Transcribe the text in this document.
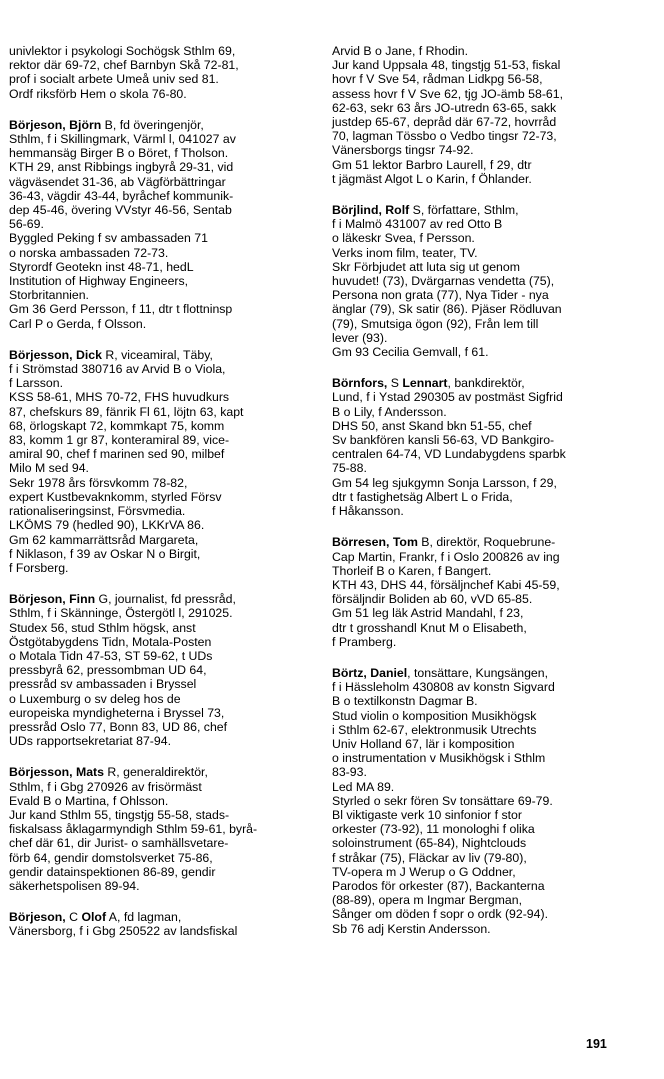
univlektor i psykologi Sochögsk Sthlm 69,
rektor där 69-72, chef Barnbyn Skå 72-81,
prof i socialt arbete Umeå univ sed 81.
Ordf riksförb Hem o skola 76-80.
Börjeson, Björn B, fd överingenjör,
Sthlm, f i Skillingmark, Värml l, 041027 av
hemmansäg Birger B o Böret, f Tholson.
KTH 29, anst Ribbings ingbyrå 29-31, vid
vägväsendet 31-36, ab Vägförbättringar
36-43, vägdir 43-44, byråchef kommunik-
dep 45-46, övering VVstyr 46-56, Sentab
56-69.
Byggled Peking f sv ambassaden 71
o norska ambassaden 72-73.
Styrordf Geotekn inst 48-71, hedL
Institution of Highway Engineers,
Storbritannien.
Gm 36 Gerd Persson, f 11, dtr t flottninsp
Carl P o Gerda, f Olsson.
Börjesson, Dick R, viceamiral, Täby,
f i Strömstad 380716 av Arvid B o Viola,
f Larsson.
KSS 58-61, MHS 70-72, FHS huvudkurs
87, chefskurs 89, fänrik Fl 61, löjtn 63, kapt
68, örlogskapt 72, kommkapt 75, komm
83, komm 1 gr 87, konteramiral 89, vice-
amiral 90, chef f marinen sed 90, milbef
Milo M sed 94.
Sekr 1978 års försvkomm 78-82,
expert Kustbevaknkomm, styrled Försv
rationaliseringsinst, Försvmedia.
LKÖMS 79 (hedled 90), LKKrVA 86.
Gm 62 kammarrättsråd Margareta,
f Niklason, f 39 av Oskar N o Birgit,
f Forsberg.
Börjeson, Finn G, journalist, fd pressråd,
Sthlm, f i Skänninge, Östergötl l, 291025.
Studex 56, stud Sthlm högsk, anst
Östgötabygdens Tidn, Motala-Posten
o Motala Tidn 47-53, ST 59-62, t UDs
pressbyrå 62, pressombman UD 64,
pressråd sv ambassaden i Bryssel
o Luxemburg o sv deleg hos de
europeiska myndigheterna i Bryssel 73,
pressråd Oslo 77, Bonn 83, UD 86, chef
UDs rapportsekretariat 87-94.
Börjesson, Mats R, generaldirektör,
Sthlm, f i Gbg 270926 av frisörmäst
Evald B o Martina, f Ohlsson.
Jur kand Sthlm 55, tingstjg 55-58, stads-
fiskalsass åklagarmyndigh Sthlm 59-61, byrå-
chef där 61, dir Jurist- o samhällsvetare-
förb 64, gendir domstolsverket 75-86,
gendir datainspektionen 86-89, gendir
säkerhetspolisen 89-94.
Börjeson, C Olof A, fd lagman,
Vänersborg, f i Gbg 250522 av landsfiskal
Arvid B o Jane, f Rhodin.
Jur kand Uppsala 48, tingstjg 51-53, fiskal
hovr f V Sve 54, rådman Lidkpg 56-58,
assess hovr f V Sve 62, tjg JO-ämb 58-61,
62-63, sekr 63 års JO-utredn 63-65, sakk
justdep 65-67, depråd där 67-72, hovrråd
70, lagman Tössbo o Vedbo tingsr 72-73,
Vänersborgs tingsr 74-92.
Gm 51 lektor Barbro Laurell, f 29, dtr
t jägmäst Algot L o Karin, f Öhlander.
Börjlind, Rolf S, författare, Sthlm,
f i Malmö 431007 av red Otto B
o läkeskr Svea, f Persson.
Verks inom film, teater, TV.
Skr Förbjudet att luta sig ut genom
huvudet! (73), Dvärgarnas vendetta (75),
Persona non grata (77), Nya Tider - nya
änglar (79), Sk satir (86). Pjäser Rödluvan
(79), Smutsiga ögon (92), Från lem till
lever (93).
Gm 93 Cecilia Gemvall, f 61.
Börnfors, S Lennart, bankdirektör,
Lund, f i Ystad 290305 av postmäst Sigfrid
B o Lily, f Andersson.
DHS 50, anst Skand bkn 51-55, chef
Sv bankfören kansli 56-63, VD Bankgiro-
centralen 64-74, VD Lundabygdens sparbk
75-88.
Gm 54 leg sjukgymn Sonja Larsson, f 29,
dtr t fastighetsäg Albert L o Frida,
f Håkansson.
Börresen, Tom B, direktör, Roquebrune-
Cap Martin, Frankr, f i Oslo 200826 av ing
Thorleif B o Karen, f Bangert.
KTH 43, DHS 44, försäljnchef Kabi 45-59,
försäljndir Boliden ab 60, vVD 65-85.
Gm 51 leg läk Astrid Mandahl, f 23,
dtr t grosshandl Knut M o Elisabeth,
f Pramberg.
Börtz, Daniel, tonsättare, Kungsängen,
f i Hässleholm 430808 av konstn Sigvard
B o textilkonstn Dagmar B.
Stud violin o komposition Musikhögsk
i Sthlm 62-67, elektronmusik Utrechts
Univ Holland 67, lär i komposition
o instrumentation v Musikhögsk i Sthlm
83-93.
Led MA 89.
Styrled o sekr fören Sv tonsättare 69-79.
Bl viktigaste verk 10 sinfonior f stor
orkester (73-92), 11 monologhi f olika
soloinstrument (65-84), Nightclouds
f stråkar (75), Fläckar av liv (79-80),
TV-opera m J Werup o G Oddner,
Parodos för orkester (87), Backanterna
(88-89), opera m Ingmar Bergman,
Sånger om döden f sopr o ordk (92-94).
Sb 76 adj Kerstin Andersson.
191
